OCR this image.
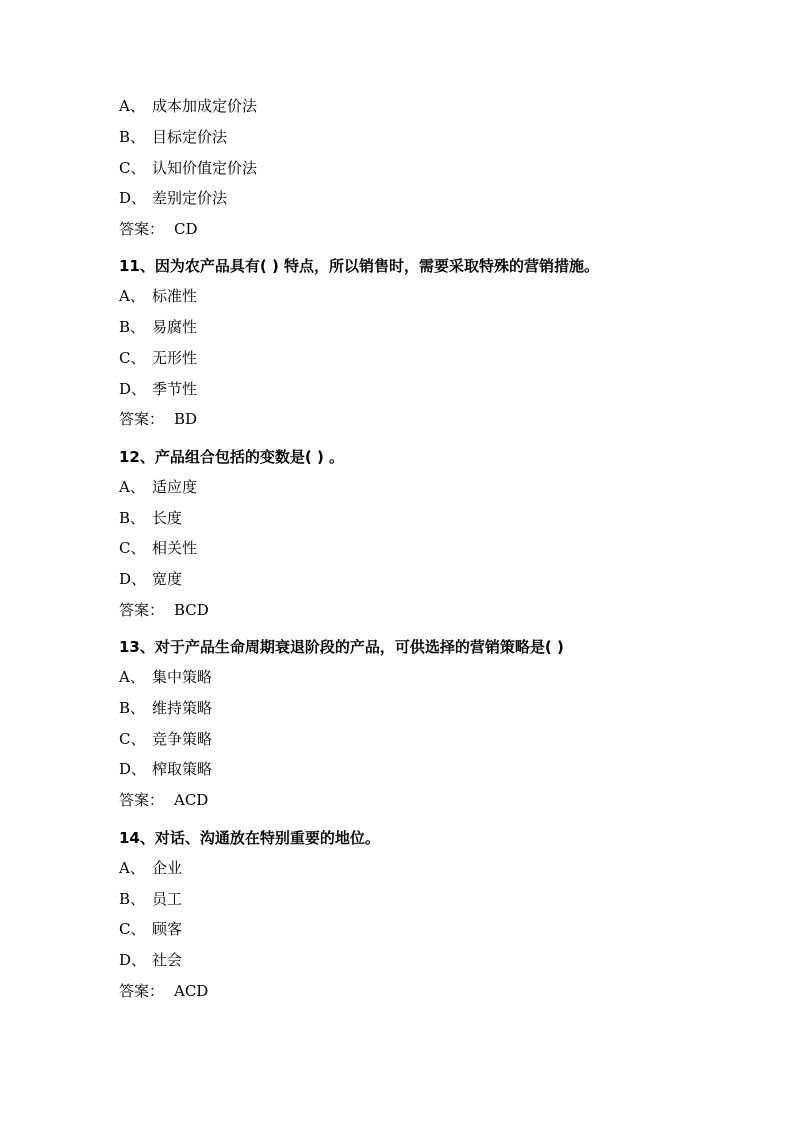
A、 成本加成定价法
B、 目标定价法
C、 认知价值定价法
D、 差别定价法
答案： CD
11、因为农产品具有( ) 特点，所以销售时，需要采取特殊的营销措施。
A、 标准性
B、 易腐性
C、 无形性
D、 季节性
答案： BD
12、产品组合包括的变数是( ) 。
A、 适应度
B、 长度
C、 相关性
D、 宽度
答案： BCD
13、对于产品生命周期衰退阶段的产品，可供选择的营销策略是( )
A、 集中策略
B、 维持策略
C、 竞争策略
D、 榨取策略
答案： ACD
14、对话、沟通放在特别重要的地位。
A、 企业
B、 员工
C、 顾客
D、 社会
答案： ACD
